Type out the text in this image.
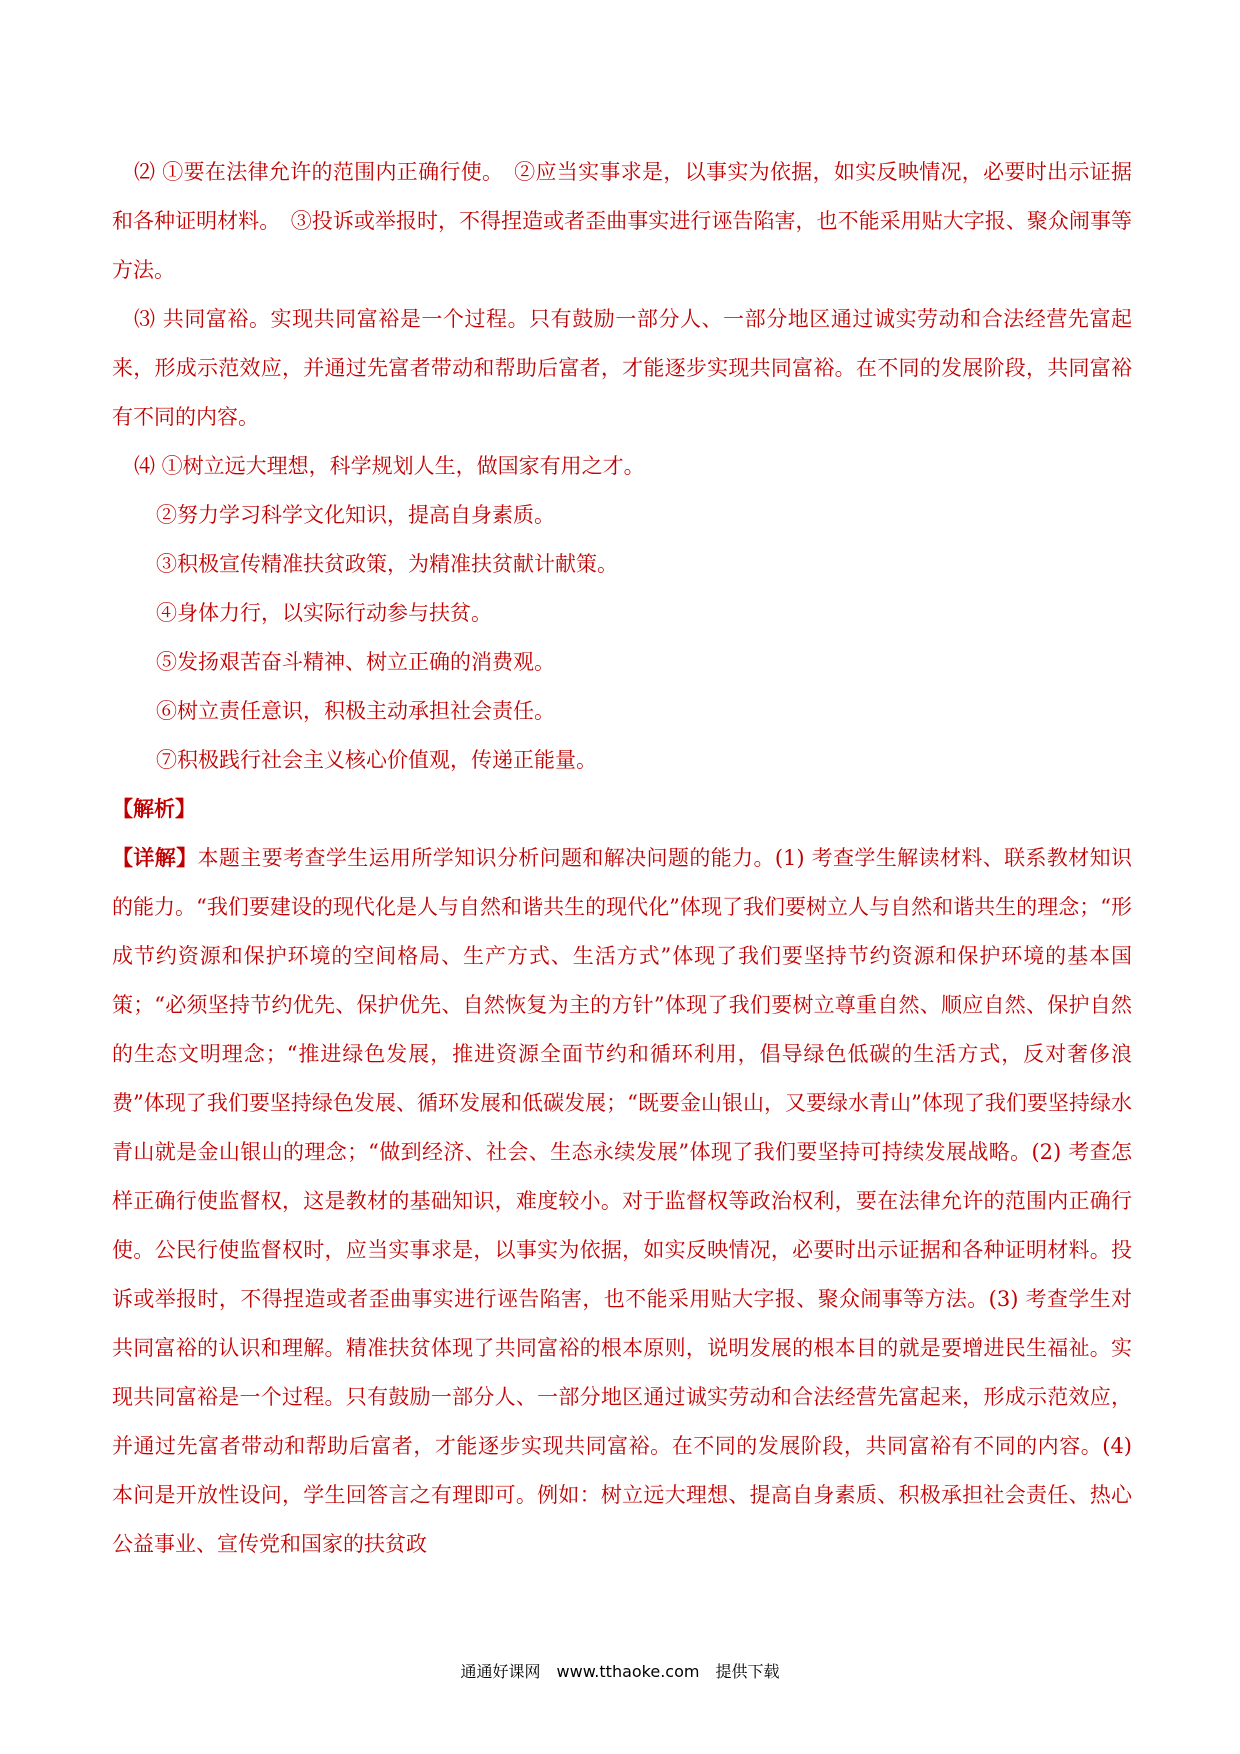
⑵ ①要在法律允许的范围内正确行使。　②应当实事求是，以事实为依据，如实反映情况，必要时出示证据和各种证明材料。　③投诉或举报时，不得捏造或者歪曲事实进行诬告陷害，也不能采用贴大字报、聚众闹事等方法。

⑶ 共同富裕。实现共同富裕是一个过程。只有鼓励一部分人、一部分地区通过诚实劳动和合法经营先富起来，形成示范效应，并通过先富者带动和帮助后富者，才能逐步实现共同富裕。在不同的发展阶段，共同富裕有不同的内容。

⑷ ①树立远大理想，科学规划人生，做国家有用之才。

②努力学习科学文化知识，提高自身素质。

③积极宣传精准扶贫政策，为精准扶贫献计献策。

④身体力行，以实际行动参与扶贫。

⑤发扬艰苦奋斗精神、树立正确的消费观。

⑥树立责任意识，积极主动承担社会责任。

⑦积极践行社会主义核心价值观，传递正能量。

【解析】

【详解】本题主要考查学生运用所学知识分析问题和解决问题的能力。(1) 考查学生解读材料、联系教材知识的能力。“我们要建设的现代化是人与自然和谐共生的现代化”体现了我们要树立人与自然和谐共生的理念；“形成节约资源和保护环境的空间格局、生产方式、生活方式”体现了我们要坚持节约资源和保护环境的基本国策；“必须坚持节约优先、保护优先、自然恢复为主的方针”体现了我们要树立尊重自然、顺应自然、保护自然的生态文明理念；“推进绿色发展，推进资源全面节约和循环利用，倡导绿色低碳的生活方式，反对奢侈浪费”体现了我们要坚持绿色发展、循环发展和低碳发展；“既要金山银山，又要绿水青山”体现了我们要坚持绿水青山就是金山银山的理念；“做到经济、社会、生态永续发展”体现了我们要坚持可持续发展战略。(2) 考查怎样正确行使监督权，这是教材的基础知识，难度较小。对于监督权等政治权利，要在法律允许的范围内正确行使。公民行使监督权时，应当实事求是，以事实为依据，如实反映情况，必要时出示证据和各种证明材料。投诉或举报时，不得捏造或者歪曲事实进行诬告陷害，也不能采用贴大字报、聚众闹事等方法。(3) 考查学生对共同富裕的认识和理解。精准扶贫体现了共同富裕的根本原则，说明发展的根本目的就是要增进民生福祉。实现共同富裕是一个过程。只有鼓励一部分人、一部分地区通过诚实劳动和合法经营先富起来，形成示范效应，并通过先富者带动和帮助后富者，才能逐步实现共同富裕。在不同的发展阶段，共同富裕有不同的内容。(4) 本问是开放性设问，学生回答言之有理即可。例如：树立远大理想、提高自身素质、积极承担社会责任、热心公益事业、宣传党和国家的扶贫政

通通好课网　www.tthaoke.com　提供下载
